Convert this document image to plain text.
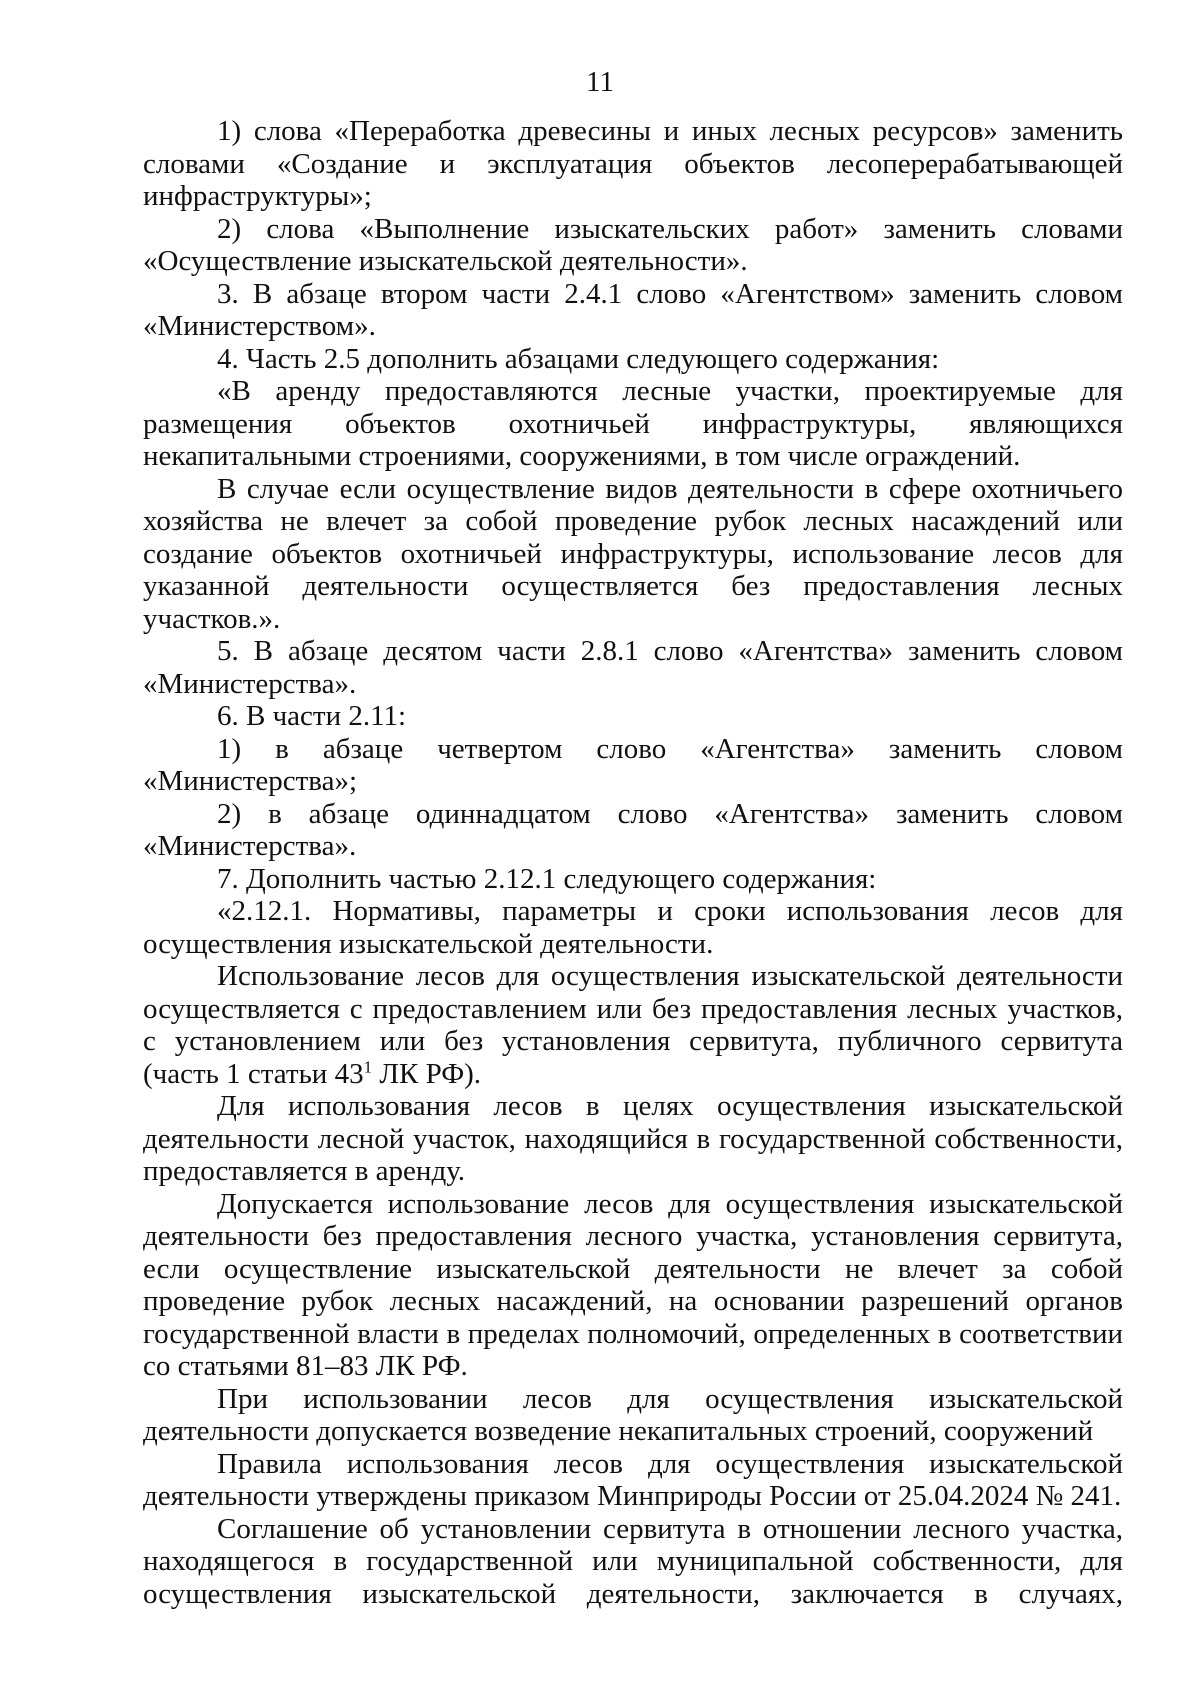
11

1) слова «Переработка древесины и иных лесных ресурсов» заменить словами «Создание и эксплуатация объектов лесоперерабатывающей инфраструктуры»;

2) слова «Выполнение изыскательских работ» заменить словами «Осуществление изыскательской деятельности».

3. В абзаце втором части 2.4.1 слово «Агентством» заменить словом «Министерством».

4. Часть 2.5 дополнить абзацами следующего содержания:

«В аренду предоставляются лесные участки, проектируемые для размещения объектов охотничьей инфраструктуры, являющихся некапитальными строениями, сооружениями, в том числе ограждений.

В случае если осуществление видов деятельности в сфере охотничьего хозяйства не влечет за собой проведение рубок лесных насаждений или создание объектов охотничьей инфраструктуры, использование лесов для указанной деятельности осуществляется без предоставления лесных участков.».

5. В абзаце десятом части 2.8.1 слово «Агентства» заменить словом «Министерства».

6. В части 2.11:

1) в абзаце четвертом слово «Агентства» заменить словом «Министерства»;

2) в абзаце одиннадцатом слово «Агентства» заменить словом «Министерства».

7. Дополнить частью 2.12.1 следующего содержания:

«2.12.1. Нормативы, параметры и сроки использования лесов для осуществления изыскательской деятельности.

Использование лесов для осуществления изыскательской деятельности осуществляется с предоставлением или без предоставления лесных участков, с установлением или без установления сервитута, публичного сервитута (часть 1 статьи $43^1$ ЛК РФ).

Для использования лесов в целях осуществления изыскательской деятельности лесной участок, находящийся в государственной собственности, предоставляется в аренду.

Допускается использование лесов для осуществления изыскательской деятельности без предоставления лесного участка, установления сервитута, если осуществление изыскательской деятельности не влечет за собой проведение рубок лесных насаждений, на основании разрешений органов государственной власти в пределах полномочий, определенных в соответствии со статьями 81–83 ЛК РФ.

При использовании лесов для осуществления изыскательской деятельности допускается возведение некапитальных строений, сооружений

Правила использования лесов для осуществления изыскательской деятельности утверждены приказом Минприроды России от 25.04.2024 № 241.

Соглашение об установлении сервитута в отношении лесного участка, находящегося в государственной или муниципальной собственности, для осуществления изыскательской деятельности, заключается в случаях,
